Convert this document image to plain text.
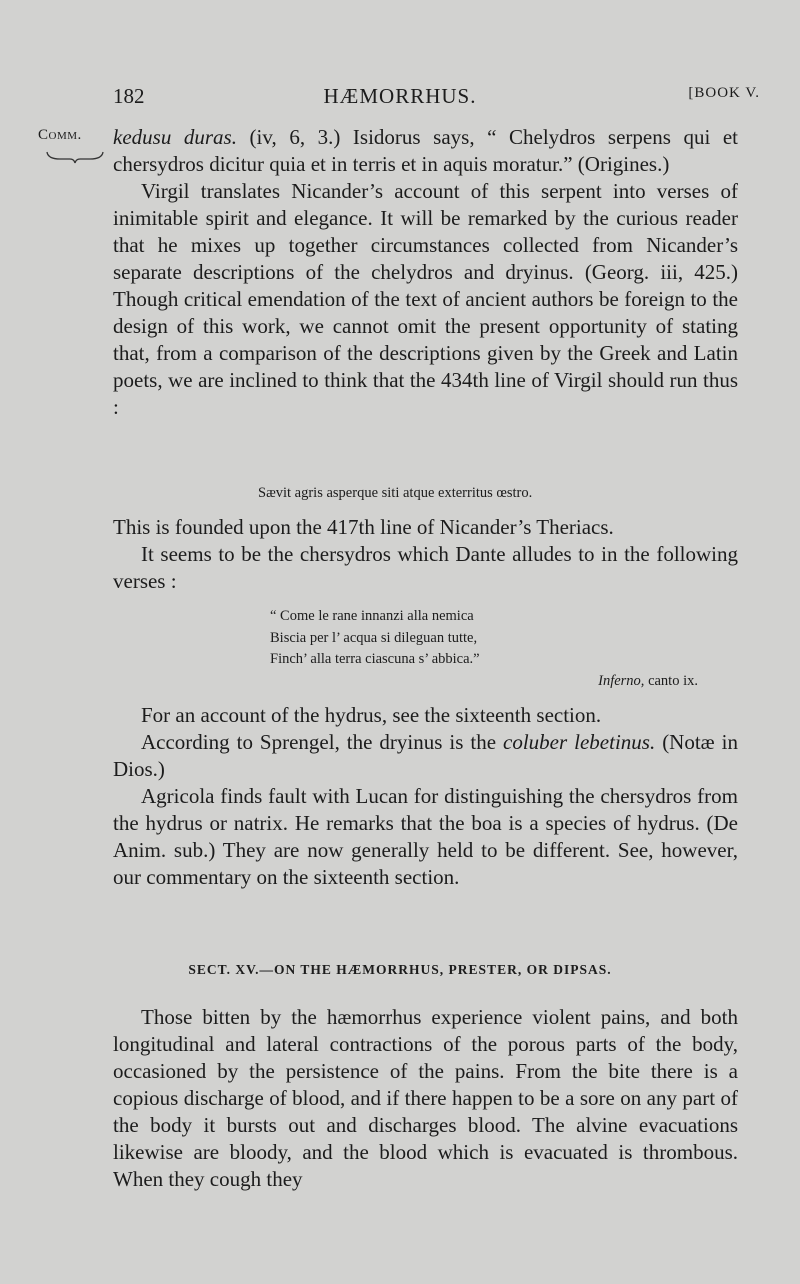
182	HÆMORRHUS.	[BOOK V.
Comm. kedusu duras. (iv, 6, 3.) Isidorus says, “ Chelydros serpens qui et chersydros dicitur quia et in terris et in aquis moratur.” (Origines.)

Virgil translates Nicander’s account of this serpent into verses of inimitable spirit and elegance. It will be remarked by the curious reader that he mixes up together circumstances collected from Nicander’s separate descriptions of the chelydros and dryinus. (Georg. iii, 425.) Though critical emendation of the text of ancient authors be foreign to the design of this work, we cannot omit the present opportunity of stating that, from a comparison of the descriptions given by the Greek and Latin poets, we are inclined to think that the 434th line of Virgil should run thus :

Sævit agris asperque siti atque exterritus œstro.

This is founded upon the 417th line of Nicander’s Theriacs.

It seems to be the chersydros which Dante alludes to in the following verses :

“ Come le rane innanzi alla nemica
Biscia per l’ acqua si dileguan tutte,
Finch’ alla terra ciascuna s’ abbica.”
Inferno, canto ix.

For an account of the hydrus, see the sixteenth section.

According to Sprengel, the dryinus is the coluber lebetinus. (Notæ in Dios.)

Agricola finds fault with Lucan for distinguishing the chersydros from the hydrus or natrix. He remarks that the boa is a species of hydrus. (De Anim. sub.) They are now generally held to be different. See, however, our commentary on the sixteenth section.

SECT. XV.—ON THE HÆMORRHUS, PRESTER, OR DIPSAS.

Those bitten by the hæmorrhus experience violent pains, and both longitudinal and lateral contractions of the porous parts of the body, occasioned by the persistence of the pains. From the bite there is a copious discharge of blood, and if there happen to be a sore on any part of the body it bursts out and discharges blood. The alvine evacuations likewise are bloody, and the blood which is evacuated is thrombous. When they cough they
